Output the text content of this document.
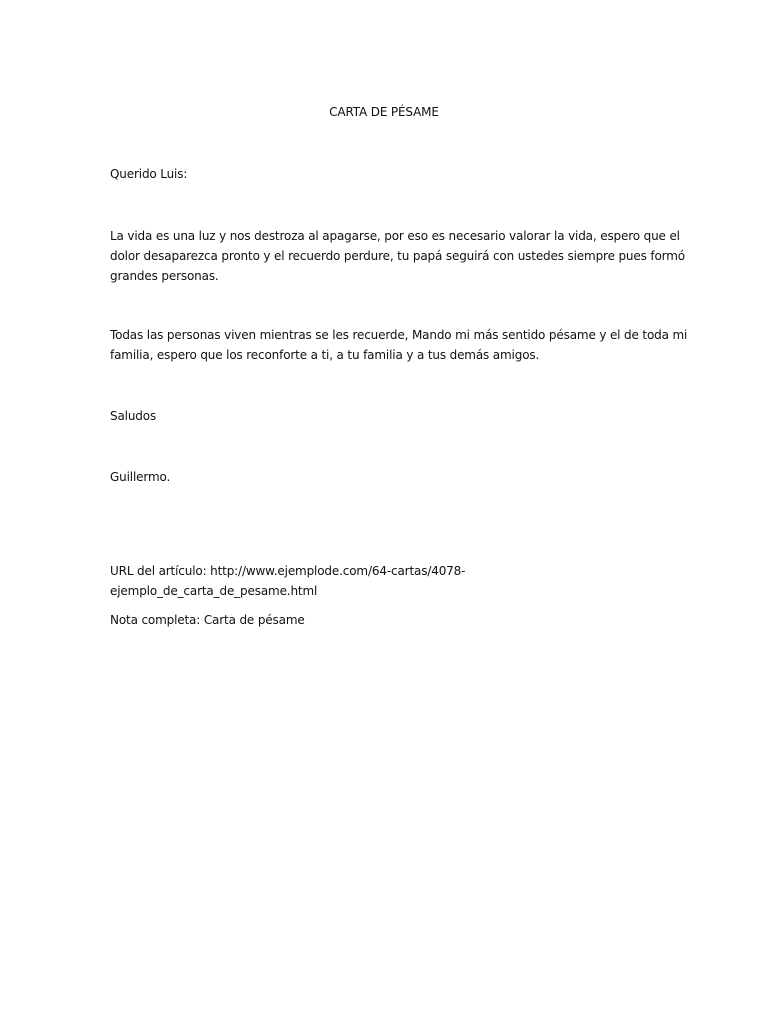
CARTA DE PÉSAME
Querido Luis:
La vida es una luz y nos destroza al apagarse, por eso es necesario valorar la vida, espero que el
dolor desaparezca pronto y el recuerdo perdure, tu papá seguirá con ustedes siempre pues formó
grandes personas.
Todas las personas viven mientras se les recuerde, Mando mi más sentido pésame y el de toda mi
familia, espero que los reconforte a ti, a tu familia y a tus demás amigos.
Saludos
Guillermo.
URL del artículo: http://www.ejemplode.com/64-cartas/4078-
ejemplo_de_carta_de_pesame.html
Nota completa: Carta de pésame
